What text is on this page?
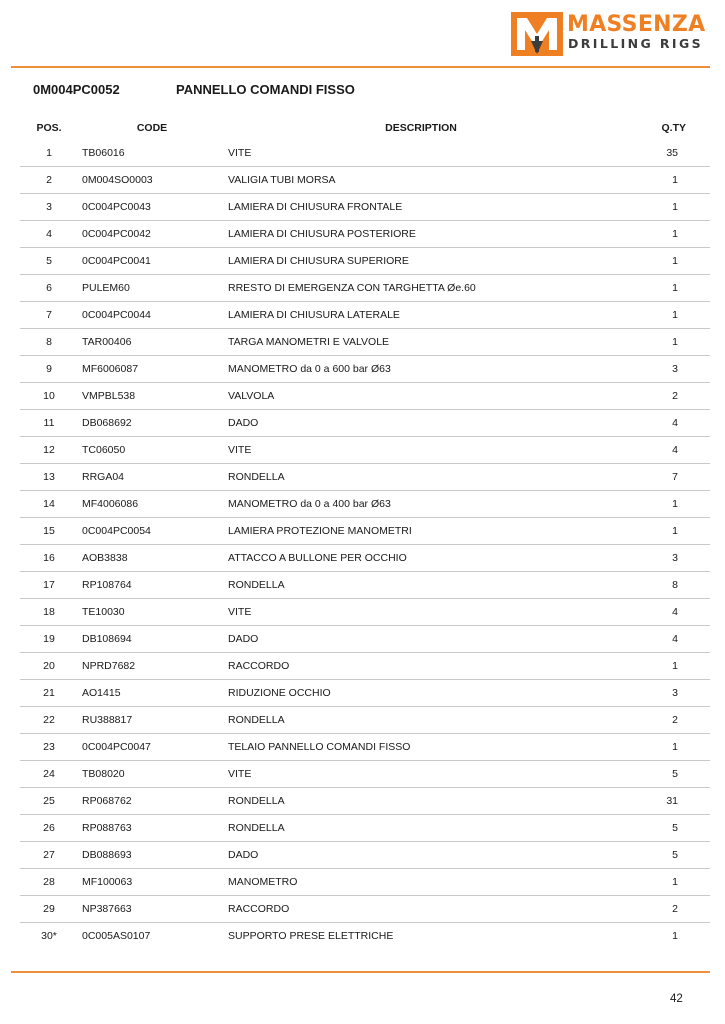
MASSENZA
DRILLING RIGS
0M004PC0052	PANNELLO COMANDI FISSO
POS.	CODE	DESCRIPTION	Q.TY
1	TB06016	VITE	35
2	0M004SO0003	VALIGIA TUBI MORSA	1
3	0C004PC0043	LAMIERA DI CHIUSURA FRONTALE	1
4	0C004PC0042	LAMIERA DI CHIUSURA POSTERIORE	1
5	0C004PC0041	LAMIERA DI CHIUSURA SUPERIORE	1
6	PULEM60	RRESTO DI EMERGENZA CON TARGHETTA Øe.60	1
7	0C004PC0044	LAMIERA DI CHIUSURA LATERALE	1
8	TAR00406	TARGA MANOMETRI E VALVOLE	1
9	MF6006087	MANOMETRO da 0 a 600 bar Ø63	3
10	VMPBL538	VALVOLA	2
11	DB068692	DADO	4
12	TC06050	VITE	4
13	RRGA04	RONDELLA	7
14	MF4006086	MANOMETRO da 0 a 400 bar Ø63	1
15	0C004PC0054	LAMIERA PROTEZIONE MANOMETRI	1
16	AOB3838	ATTACCO A BULLONE PER OCCHIO	3
17	RP108764	RONDELLA	8
18	TE10030	VITE	4
19	DB108694	DADO	4
20	NPRD7682	RACCORDO	1
21	AO1415	RIDUZIONE OCCHIO	3
22	RU388817	RONDELLA	2
23	0C004PC0047	TELAIO PANNELLO COMANDI FISSO	1
24	TB08020	VITE	5
25	RP068762	RONDELLA	31
26	RP088763	RONDELLA	5
27	DB088693	DADO	5
28	MF100063	MANOMETRO	1
29	NP387663	RACCORDO	2
30*	0C005AS0107	SUPPORTO PRESE ELETTRICHE	1
42
